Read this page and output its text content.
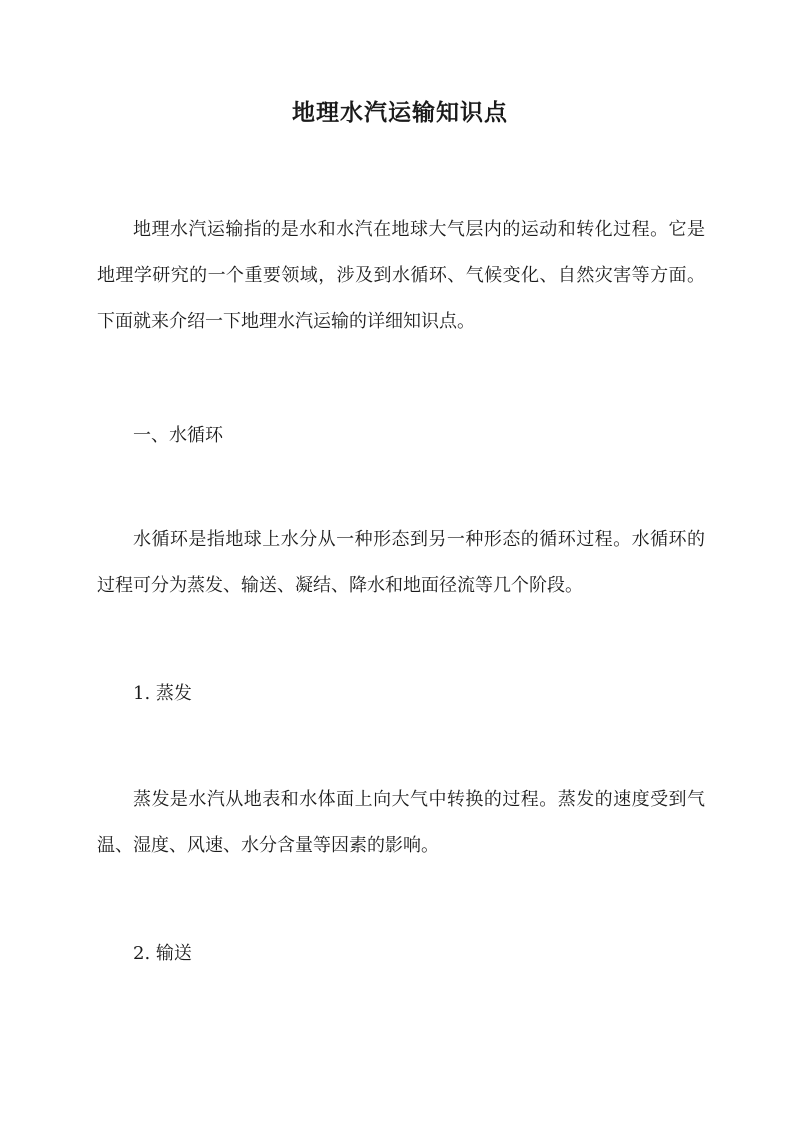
地理水汽运输知识点

地理水汽运输指的是水和水汽在地球大气层内的运动和转化过程。它是地理学研究的一个重要领域，涉及到水循环、气候变化、自然灾害等方面。下面就来介绍一下地理水汽运输的详细知识点。

一、水循环

水循环是指地球上水分从一种形态到另一种形态的循环过程。水循环的过程可分为蒸发、输送、凝结、降水和地面径流等几个阶段。

1. 蒸发

蒸发是水汽从地表和水体面上向大气中转换的过程。蒸发的速度受到气温、湿度、风速、水分含量等因素的影响。

2. 输送
